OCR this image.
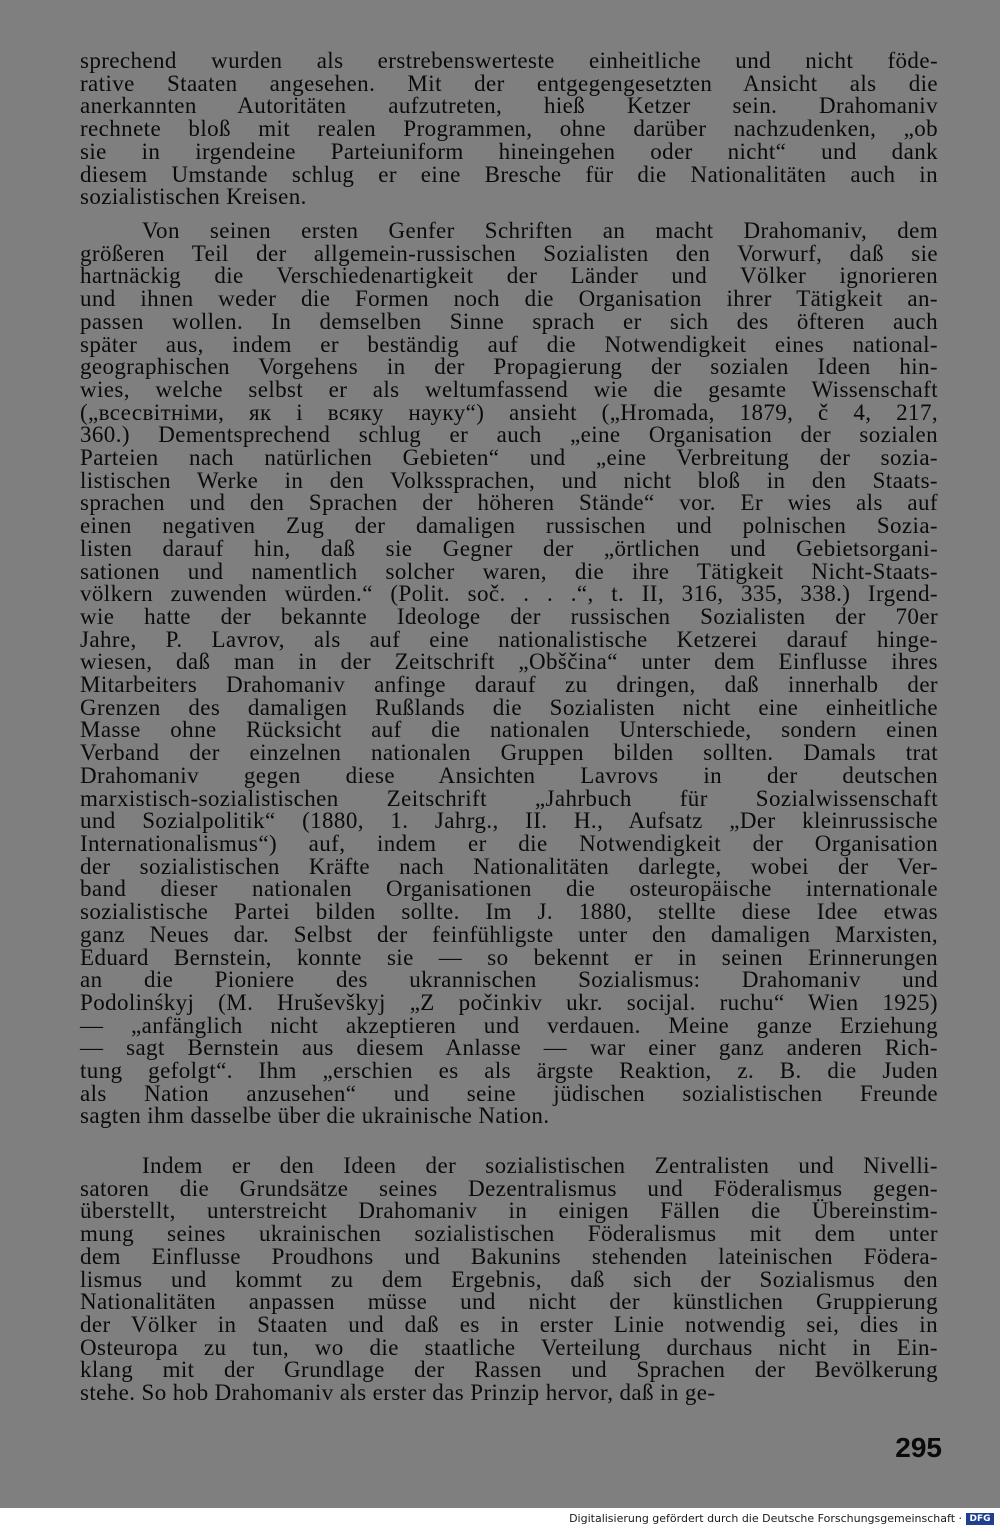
sprechend wurden als erstrebenswerteste einheitliche und nicht föde-
rative Staaten angesehen. Mit der entgegengesetzten Ansicht als die
anerkannten Autoritäten aufzutreten, hieß Ketzer sein. Drahomaniv
rechnete bloß mit realen Programmen, ohne darüber nachzudenken, „ob
sie in irgendeine Parteiuniform hineingehen oder nicht“ und dank
diesem Umstande schlug er eine Bresche für die Nationalitäten auch in
sozialistischen Kreisen.
Von seinen ersten Genfer Schriften an macht Drahomaniv, dem
größeren Teil der allgemein-russischen Sozialisten den Vorwurf, daß sie
hartnäckig die Verschiedenartigkeit der Länder und Völker ignorieren
und ihnen weder die Formen noch die Organisation ihrer Tätigkeit an-
passen wollen. In demselben Sinne sprach er sich des öfteren auch
später aus, indem er beständig auf die Notwendigkeit eines national-
geographischen Vorgehens in der Propagierung der sozialen Ideen hin-
wies, welche selbst er als weltumfassend wie die gesamte Wissenschaft
(„всесвітніми, як і всяку науку“) ansieht („Hromada, 1879, č 4, 217,
360.) Dementsprechend schlug er auch „eine Organisation der sozialen
Parteien nach natürlichen Gebieten“ und „eine Verbreitung der sozia-
listischen Werke in den Volkssprachen, und nicht bloß in den Staats-
sprachen und den Sprachen der höheren Stände“ vor. Er wies als auf
einen negativen Zug der damaligen russischen und polnischen Sozia-
listen darauf hin, daß sie Gegner der „örtlichen und Gebietsorgani-
sationen und namentlich solcher waren, die ihre Tätigkeit Nicht-Staats-
völkern zuwenden würden.“ (Polit. soč. . . .“, t. II, 316, 335, 338.) Irgend-
wie hatte der bekannte Ideologe der russischen Sozialisten der 70er
Jahre, P. Lavrov, als auf eine nationalistische Ketzerei darauf hinge-
wiesen, daß man in der Zeitschrift „Obščina“ unter dem Einflusse ihres
Mitarbeiters Drahomaniv anfinge darauf zu dringen, daß innerhalb der
Grenzen des damaligen Rußlands die Sozialisten nicht eine einheitliche
Masse ohne Rücksicht auf die nationalen Unterschiede, sondern einen
Verband der einzelnen nationalen Gruppen bilden sollten. Damals trat
Drahomaniv gegen diese Ansichten Lavrovs in der deutschen
marxistisch-sozialistischen Zeitschrift „Jahrbuch für Sozialwissenschaft
und Sozialpolitik“ (1880, 1. Jahrg., II. H., Aufsatz „Der kleinrussische
Internationalismus“) auf, indem er die Notwendigkeit der Organisation
der sozialistischen Kräfte nach Nationalitäten darlegte, wobei der Ver-
band dieser nationalen Organisationen die osteuropäische internationale
sozialistische Partei bilden sollte. Im J. 1880, stellte diese Idee etwas
ganz Neues dar. Selbst der feinfühligste unter den damaligen Marxisten,
Eduard Bernstein, konnte sie — so bekennt er in seinen Erinnerungen
an die Pioniere des ukrannischen Sozialismus: Drahomaniv und
Podolinśkyj (M. Hruševškyj „Z počinkiv ukr. socijal. ruchu“ Wien 1925)
— „anfänglich nicht akzeptieren und verdauen. Meine ganze Erziehung
— sagt Bernstein aus diesem Anlasse — war einer ganz anderen Rich-
tung gefolgt“. Ihm „erschien es als ärgste Reaktion, z. B. die Juden
als Nation anzusehen“ und seine jüdischen sozialistischen Freunde
sagten ihm dasselbe über die ukrainische Nation.
Indem er den Ideen der sozialistischen Zentralisten und Nivelli-
satoren die Grundsätze seines Dezentralismus und Föderalismus gegen-
überstellt, unterstreicht Drahomaniv in einigen Fällen die Übereinstim-
mung seines ukrainischen sozialistischen Föderalismus mit dem unter
dem Einflusse Proudhons und Bakunins stehenden lateinischen Födera-
lismus und kommt zu dem Ergebnis, daß sich der Sozialismus den
Nationalitäten anpassen müsse und nicht der künstlichen Gruppierung
der Völker in Staaten und daß es in erster Linie notwendig sei, dies in
Osteuropa zu tun, wo die staatliche Verteilung durchaus nicht in Ein-
klang mit der Grundlage der Rassen und Sprachen der Bevölkerung
stehe. So hob Drahomaniv als erster das Prinzip hervor, daß in ge-
295
Digitalisierung gefördert durch die Deutsche Forschungsgemeinschaft · DFG
